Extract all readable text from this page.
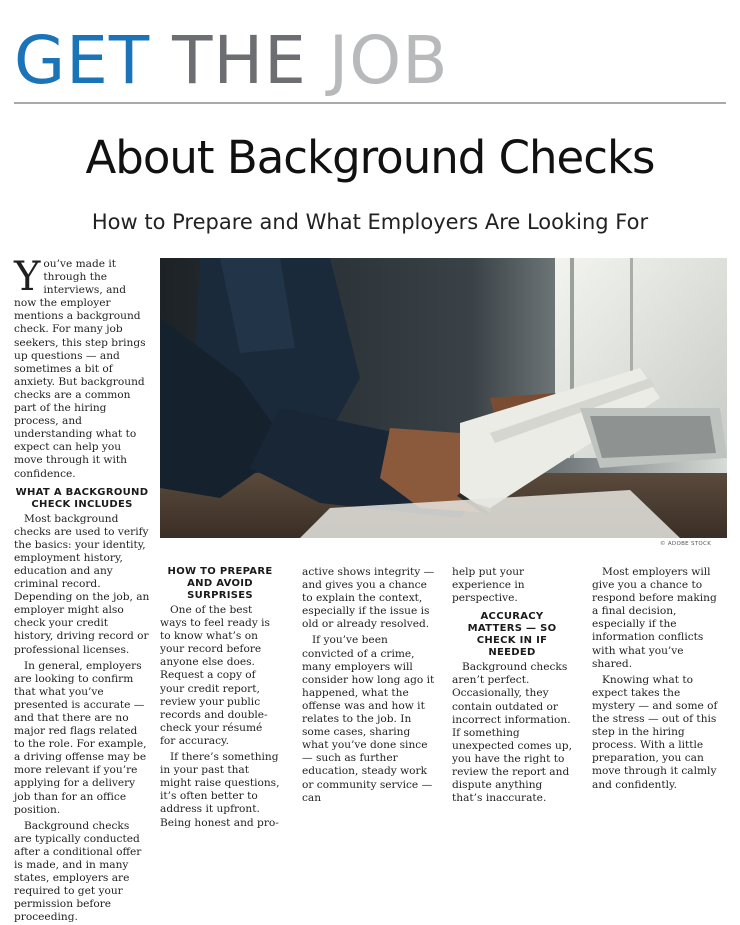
GET THE JOB
About Background Checks
How to Prepare and What Employers Are Looking For

You’ve made it through the interviews, and now the employer mentions a background check. For many job seekers, this step brings up questions — and sometimes a bit of anxiety. But background checks are a common part of the hiring process, and understanding what to expect can help you move through it with confidence.

WHAT A BACKGROUND CHECK INCLUDES

Most background checks are used to verify the basics: your identity, employment history, education and any criminal record. Depending on the job, an employer might also check your credit history, driving record or professional licenses.

In general, employers are looking to confirm that what you’ve presented is accurate — and that there are no major red flags related to the role. For example, a driving offense may be more relevant if you’re applying for a delivery job than for an office position.

Background checks are typically conducted after a conditional offer is made, and in many states, employers are required to get your permission before proceeding.

© ADOBE STOCK
HOW TO PREPARE AND AVOID SURPRISES

One of the best ways to feel ready is to know what’s on your record before anyone else does. Request a copy of your credit report, review your public records and double-check your résumé for accuracy.

If there’s something in your past that might raise questions, it’s often better to address it upfront. Being honest and pro-

active shows integrity — and gives you a chance to explain the context, especially if the issue is old or already resolved.

If you’ve been convicted of a crime, many employers will consider how long ago it happened, what the offense was and how it relates to the job. In some cases, sharing what you’ve done since — such as further education, steady work or community service — can

help put your experience in perspective.

ACCURACY MATTERS — SO CHECK IN IF NEEDED

Background checks aren’t perfect. Occasionally, they contain outdated or incorrect information. If something unexpected comes up, you have the right to review the report and dispute anything that’s inaccurate.

Most employers will give you a chance to respond before making a final decision, especially if the information conflicts with what you’ve shared.

Knowing what to expect takes the mystery — and some of the stress — out of this step in the hiring process. With a little preparation, you can move through it calmly and confidently.
